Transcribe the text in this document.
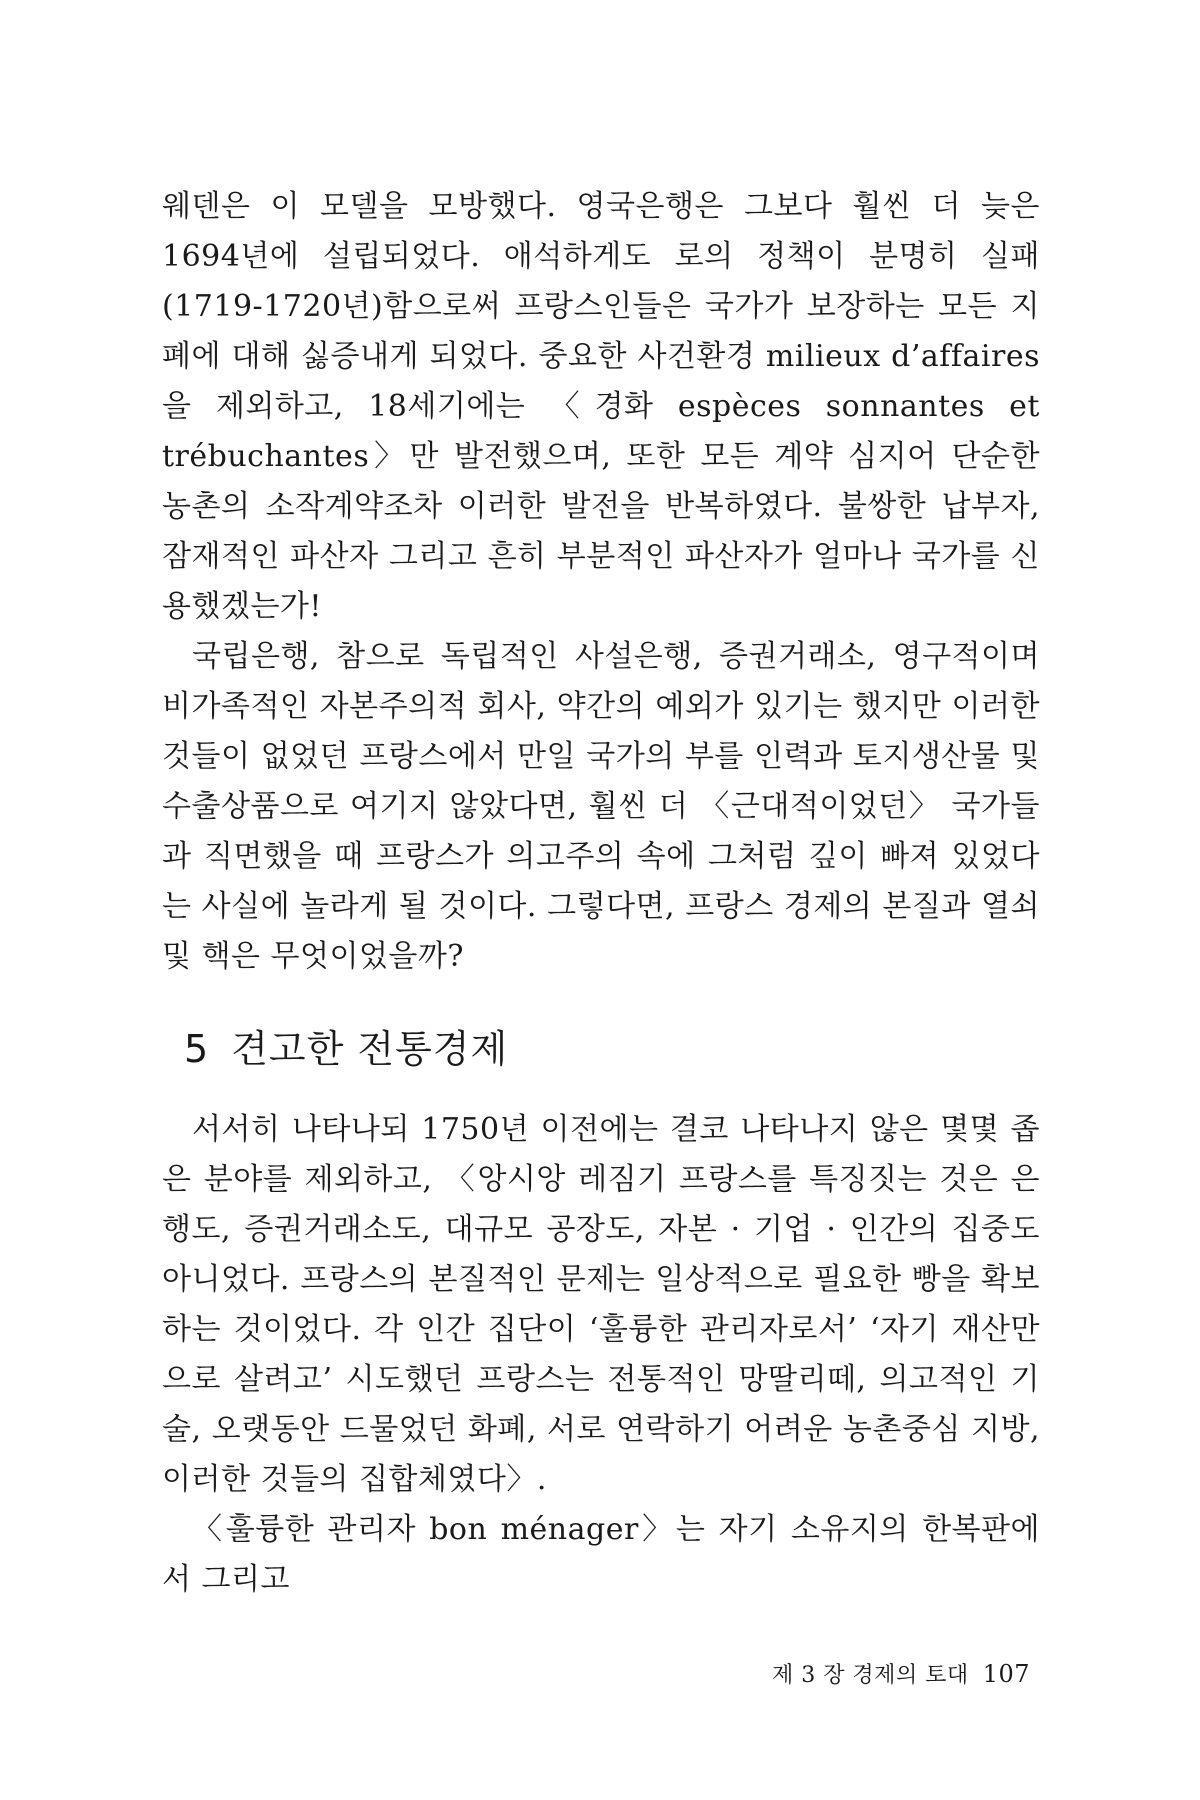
웨덴은 이 모델을 모방했다. 영국은행은 그보다 훨씬 더 늦은 1694년에 설립되었다. 애석하게도 로의 정책이 분명히 실패(1719-1720년)함으로써 프랑스인들은 국가가 보장하는 모든 지폐에 대해 싫증내게 되었다. 중요한 사건환경 milieux d’affaires을 제외하고, 18세기에는 〈경화 espèces sonnantes et trébuchantes〉만 발전했으며, 또한 모든 계약 심지어 단순한 농촌의 소작계약조차 이러한 발전을 반복하였다. 불쌍한 납부자, 잠재적인 파산자 그리고 흔히 부분적인 파산자가 얼마나 국가를 신용했겠는가!

국립은행, 참으로 독립적인 사설은행, 증권거래소, 영구적이며 비가족적인 자본주의적 회사, 약간의 예외가 있기는 했지만 이러한 것들이 없었던 프랑스에서 만일 국가의 부를 인력과 토지생산물 및 수출상품으로 여기지 않았다면, 훨씬 더 〈근대적이었던〉 국가들과 직면했을 때 프랑스가 의고주의 속에 그처럼 깊이 빠져 있었다는 사실에 놀라게 될 것이다. 그렇다면, 프랑스 경제의 본질과 열쇠 및 핵은 무엇이었을까?

5 견고한 전통경제

서서히 나타나되 1750년 이전에는 결코 나타나지 않은 몇몇 좁은 분야를 제외하고, 〈앙시앙 레짐기 프랑스를 특징짓는 것은 은행도, 증권거래소도, 대규모 공장도, 자본 · 기업 · 인간의 집중도 아니었다. 프랑스의 본질적인 문제는 일상적으로 필요한 빵을 확보하는 것이었다. 각 인간 집단이 ‘훌륭한 관리자로서’ ‘자기 재산만으로 살려고’ 시도했던 프랑스는 전통적인 망딸리떼, 의고적인 기술, 오랫동안 드물었던 화폐, 서로 연락하기 어려운 농촌중심 지방, 이러한 것들의 집합체였다〉.

〈훌륭한 관리자 bon ménager〉는 자기 소유지의 한복판에서 그리고

제 3 장 경제의 토대 107
